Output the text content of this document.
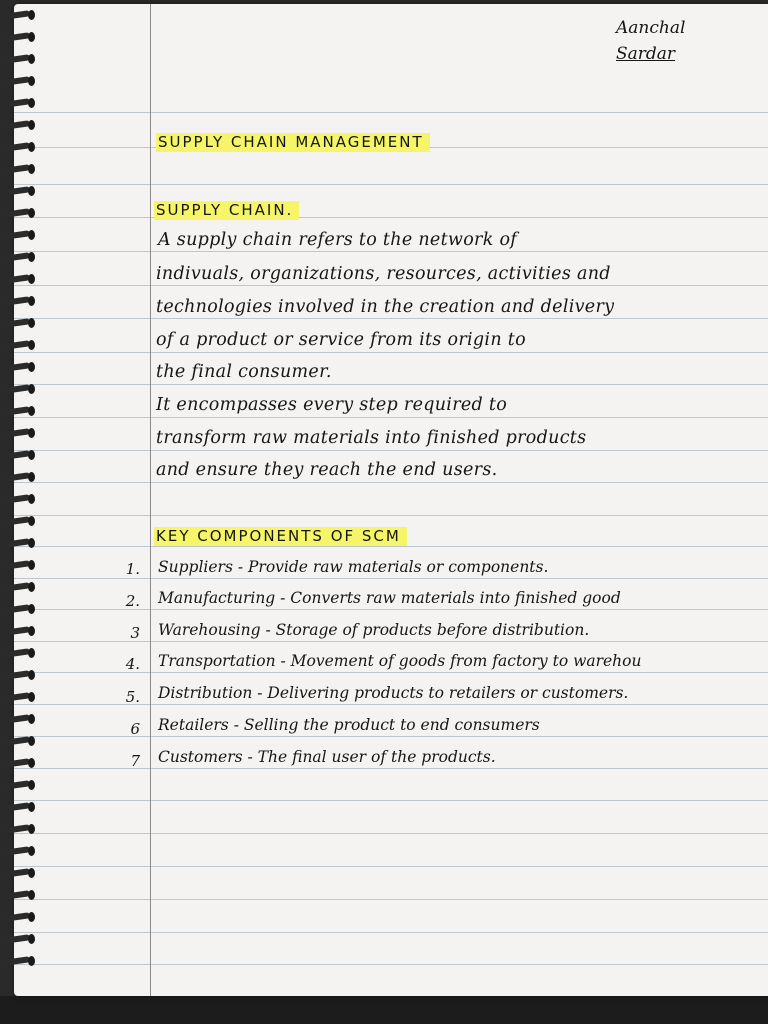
Aanchal
Sardar
SUPPLY CHAIN MANAGEMENT
SUPPLY CHAIN.
A supply chain refers to the network of
indivuals, organizations, resources, activities and
technologies involved in the creation and delivery
of a product or service from its origin to
the final consumer.
It encompasses every step required to
transform raw materials into finished products
and ensure they reach the end users.
KEY COMPONENTS OF SCM
1. Suppliers - Provide raw materials or components.
2. Manufacturing - Converts raw materials into finished good
3 Warehousing - Storage of products before distribution.
4. Transportation - Movement of goods from factory to warehou
5. Distribution - Delivering products to retailers or customers.
6 Retailers - Selling the product to end consumers
7 Customers - The final user of the products.
